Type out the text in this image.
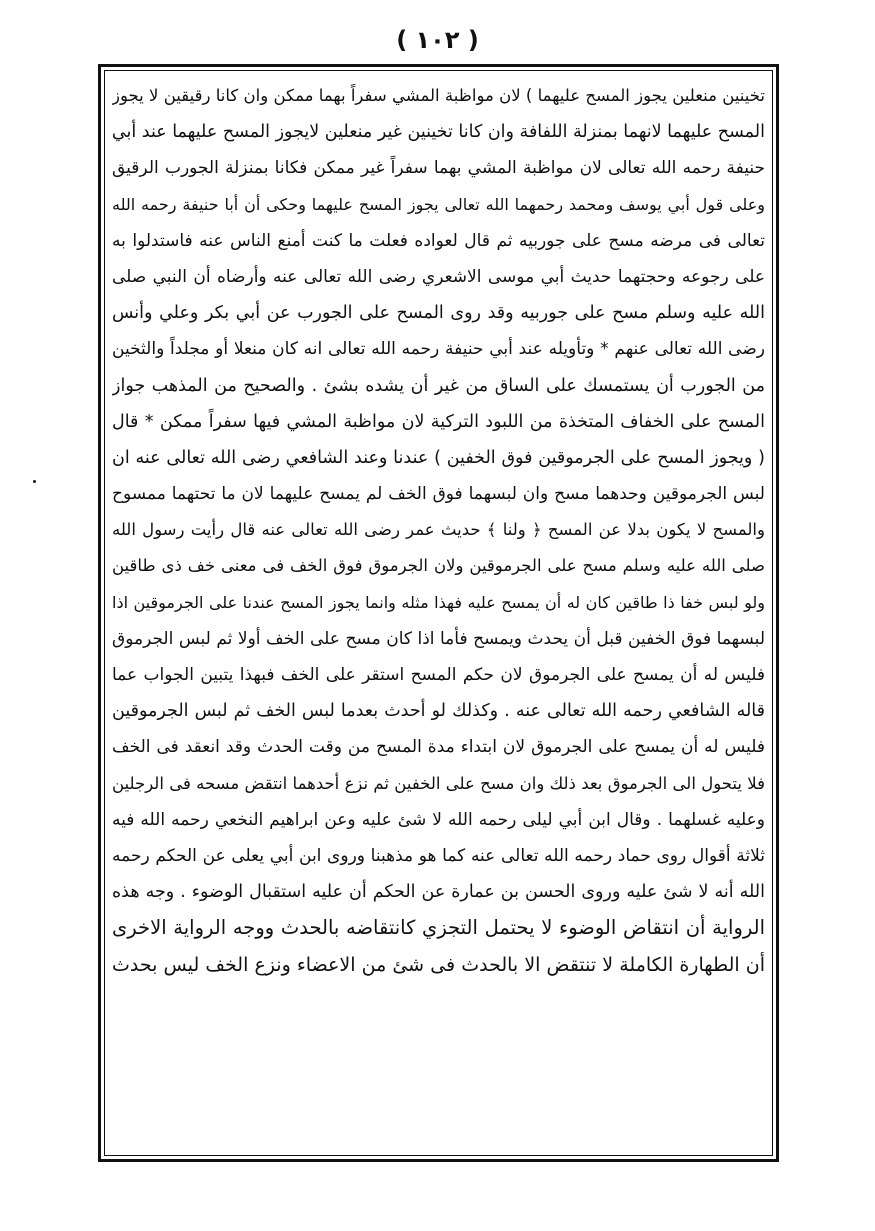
( ١٠٢ )
تخينين منعلين يجوز المسح عليهما ) لان مواظبة المشي سفراً بهما ممكن وان كانا رقيقين لا يجوز
المسح عليهما لانهما بمنزلة اللفافة وان كانا تخينين غير منعلين لايجوز المسح عليهما عند أبي
حنيفة رحمه الله تعالى لان مواظبة المشي بهما سفراً غير ممكن فكانا بمنزلة الجورب الرقيق
وعلى قول أبي يوسف ومحمد رحمهما الله تعالى يجوز المسح عليهما وحكى أن أبا حنيفة رحمه الله
تعالى فى مرضه مسح على جوربيه ثم قال لعواده فعلت ما كنت أمنع الناس عنه فاستدلوا به
على رجوعه وحجتهما حديث أبي موسى الاشعري رضى الله تعالى عنه وأرضاه أن النبي صلى
الله عليه وسلم مسح على جوربيه وقد روى المسح على الجورب عن أبي بكر وعلي وأنس
رضى الله تعالى عنهم * وتأويله عند أبي حنيفة رحمه الله تعالى انه كان منعلا أو مجلداً والثخين
من الجورب أن يستمسك على الساق من غير أن يشده بشئ . والصحيح من المذهب جواز
المسح على الخفاف المتخذة من اللبود التركية لان مواظبة المشي فيها سفراً ممكن * قال
( ويجوز المسح على الجرموقين فوق الخفين ) عندنا وعند الشافعي رضى الله تعالى عنه ان
لبس الجرموقين وحدهما مسح وان لبسهما فوق الخف لم يمسح عليهما لان ما تحتهما ممسوح
والمسح لا يكون بدلا عن المسح ﴿ ولنا ﴾ حديث عمر رضى الله تعالى عنه قال رأيت رسول الله
صلى الله عليه وسلم مسح على الجرموقين ولان الجرموق فوق الخف فى معنى خف ذى طاقين
ولو لبس خفا ذا طاقين كان له أن يمسح عليه فهذا مثله وانما يجوز المسح عندنا على الجرموقين اذا
لبسهما فوق الخفين قبل أن يحدث ويمسح فأما اذا كان مسح على الخف أولا ثم لبس الجرموق
فليس له أن يمسح على الجرموق لان حكم المسح استقر على الخف فبهذا يتبين الجواب عما
قاله الشافعي رحمه الله تعالى عنه . وكذلك لو أحدث بعدما لبس الخف ثم لبس الجرموقين
فليس له أن يمسح على الجرموق لان ابتداء مدة المسح من وقت الحدث وقد انعقد فى الخف
فلا يتحول الى الجرموق بعد ذلك وان مسح على الخفين ثم نزع أحدهما انتقض مسحه فى الرجلين
وعليه غسلهما . وقال ابن أبي ليلى رحمه الله لا شئ عليه وعن ابراهيم النخعي رحمه الله فيه
ثلاثة أقوال روى حماد رحمه الله تعالى عنه كما هو مذهبنا وروى ابن أبي يعلى عن الحكم رحمه
الله أنه لا شئ عليه وروى الحسن بن عمارة عن الحكم أن عليه استقبال الوضوء . وجه هذه
الرواية أن انتقاض الوضوء لا يحتمل التجزي كانتقاضه بالحدث ووجه الرواية الاخرى
أن الطهارة الكاملة لا تنتقض الا بالحدث فى شئ من الاعضاء ونزع الخف ليس بحدث
